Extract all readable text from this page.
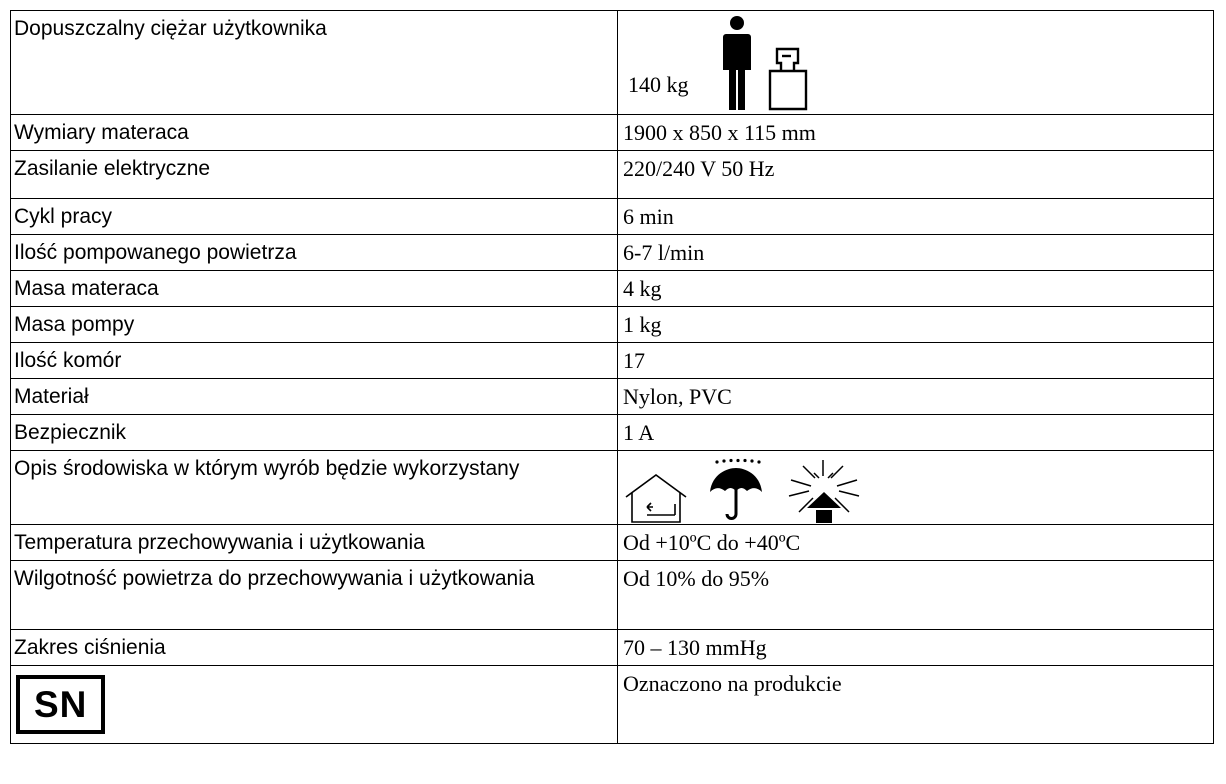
Dopuszczalny ciężar użytkownika	140 kg

Wymiary materaca	1900 x 850 x 115 mm
Zasilanie elektryczne	220/240 V 50 Hz
Cykl pracy	6 min
Ilość pompowanego powietrza	6-7 l/min
Masa materaca	4 kg
Masa pompy	1 kg
Ilość komór	17
Materiał	Nylon, PVC
Bezpiecznik	1 A
Opis środowiska w którym wyrób będzie wykorzystany	

Temperatura przechowywania i użytkowania	Od +10ºC do +40ºC
Wilgotność powietrza do przechowywania i użytkowania	Od 10% do 95%
Zakres ciśnienia	70 – 130 mmHg
SN	Oznaczono na produkcie
